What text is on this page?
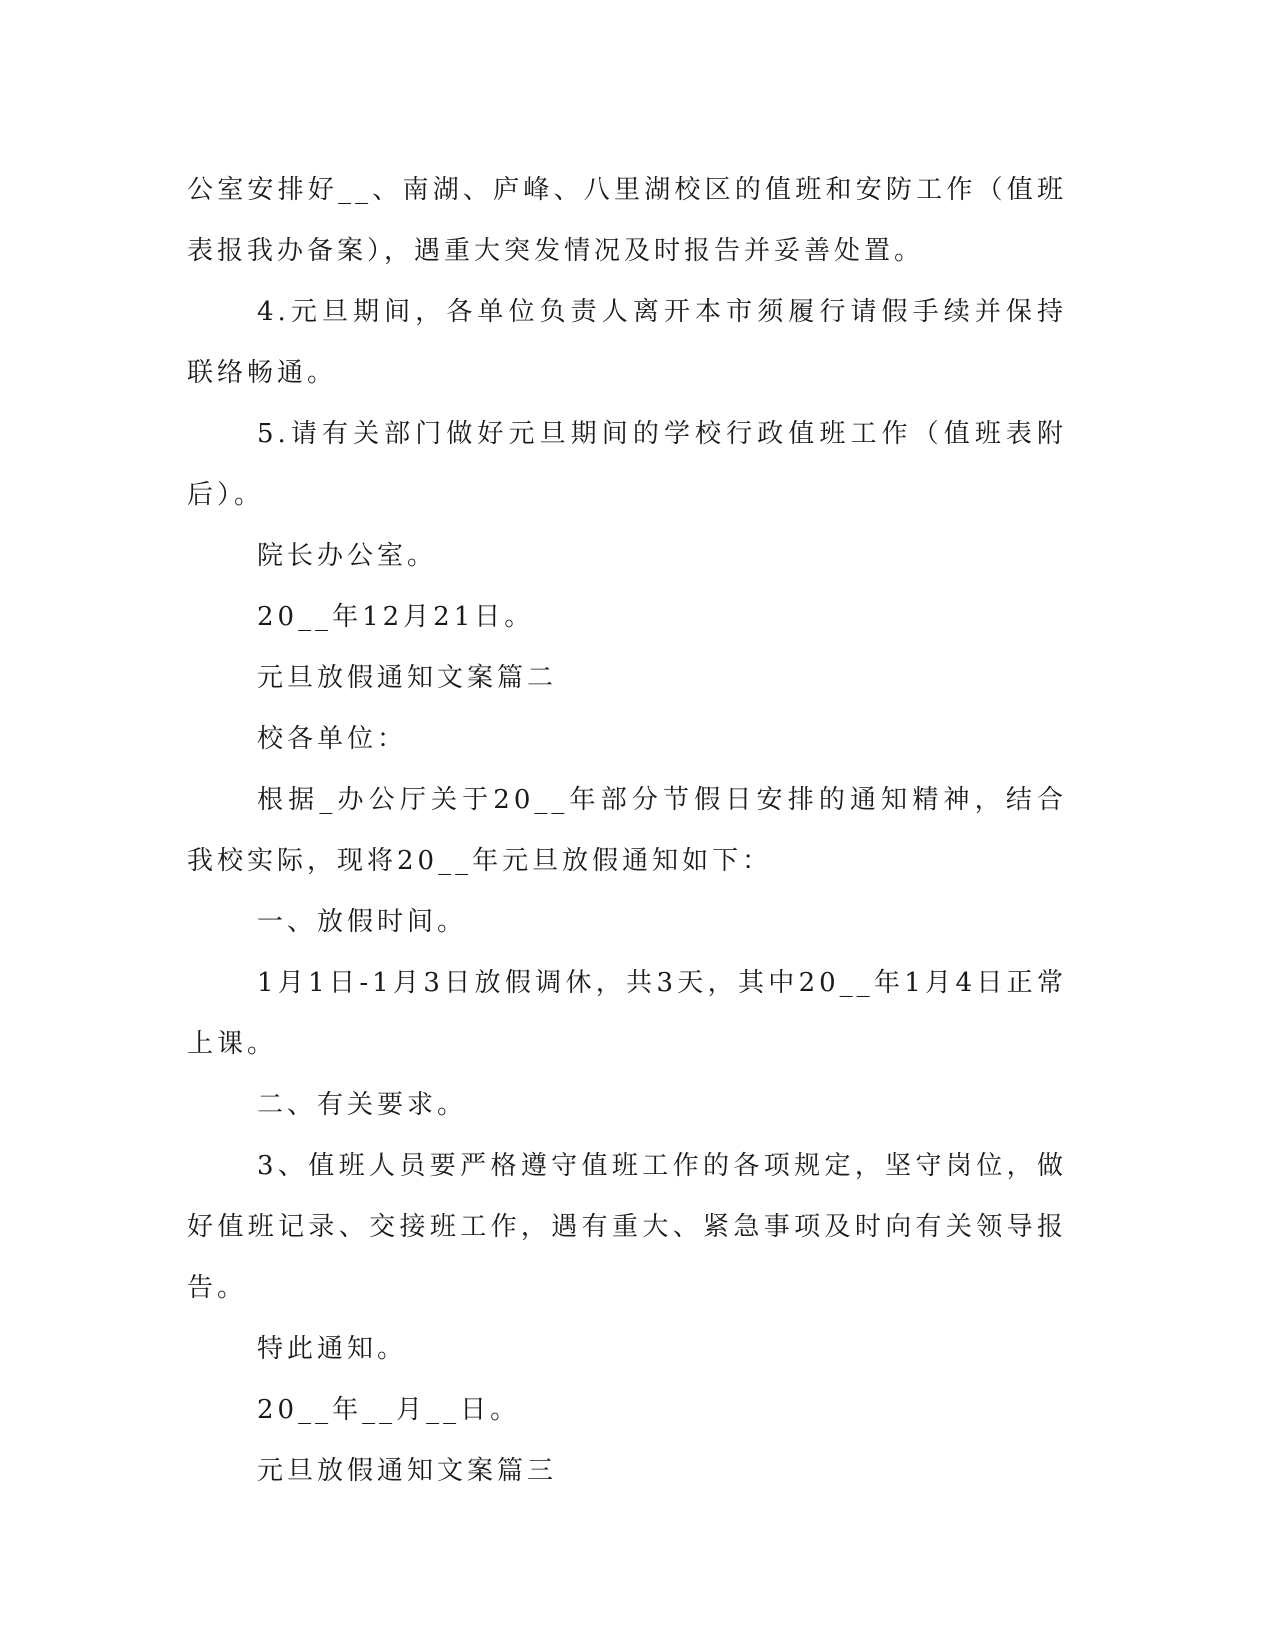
公室安排好__、南湖、庐峰、八里湖校区的值班和安防工作（值班表报我办备案），遇重大突发情况及时报告并妥善处置。

4.元旦期间，各单位负责人离开本市须履行请假手续并保持联络畅通。

5.请有关部门做好元旦期间的学校行政值班工作（值班表附后）。

院长办公室。

20__年12月21日。

元旦放假通知文案篇二

校各单位：

根据_办公厅关于20__年部分节假日安排的通知精神，结合我校实际，现将20__年元旦放假通知如下：

一、放假时间。

1月1日-1月3日放假调休，共3天，其中20__年1月4日正常上课。

二、有关要求。

3、值班人员要严格遵守值班工作的各项规定，坚守岗位，做好值班记录、交接班工作，遇有重大、紧急事项及时向有关领导报告。

特此通知。

20__年__月__日。

元旦放假通知文案篇三
